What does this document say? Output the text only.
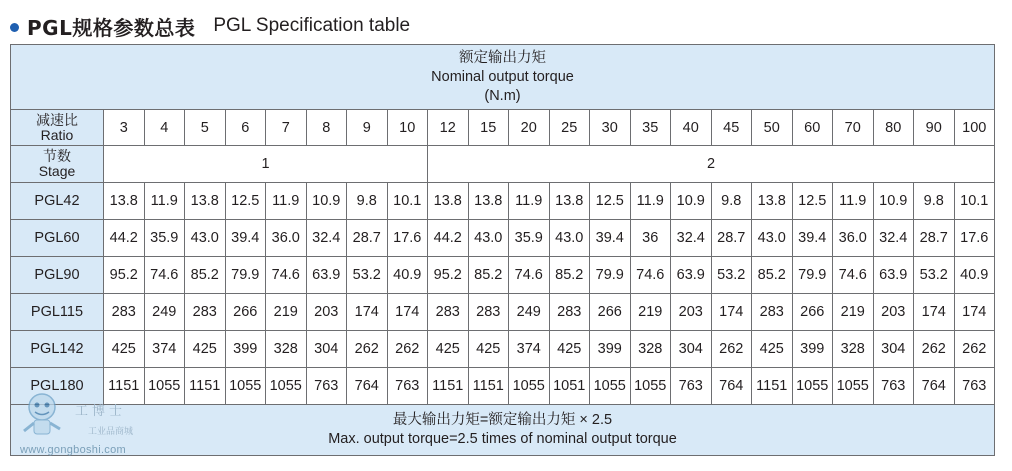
PGL规格参数总表 PGL Specification table
额定输出力矩
Nominal output torque
(N.m)																						

减速比
Ratio	3	4	5	6	7	8	9	10	12	15	20	25	30	35	40	45	50	60	70	80	90	100

节数
Stage	1								2													
PGL42	13.8	11.9	13.8	12.5	11.9	10.9	9.8	10.1	13.8	13.8	11.9	13.8	12.5	11.9	10.9	9.8	13.8	12.5	11.9	10.9	9.8	10.1
PGL60	44.2	35.9	43.0	39.4	36.0	32.4	28.7	17.6	44.2	43.0	35.9	43.0	39.4	36	32.4	28.7	43.0	39.4	36.0	32.4	28.7	17.6
PGL90	95.2	74.6	85.2	79.9	74.6	63.9	53.2	40.9	95.2	85.2	74.6	85.2	79.9	74.6	63.9	53.2	85.2	79.9	74.6	63.9	53.2	40.9
PGL115	283	249	283	266	219	203	174	174	283	283	249	283	266	219	203	174	283	266	219	203	174	174
PGL142	425	374	425	399	328	304	262	262	425	425	374	425	399	328	304	262	425	399	328	304	262	262
PGL180	1151	1055	1151	1055	1055	763	764	763	1151	1151	1055	1051	1055	1055	763	764	1151	1055	1055	763	764	763

最大输出力矩=额定输出力矩 × 2.5
Max. output torque=2.5 times of nominal output torque																						
工博士
工业品商城
www.gongboshi.com
